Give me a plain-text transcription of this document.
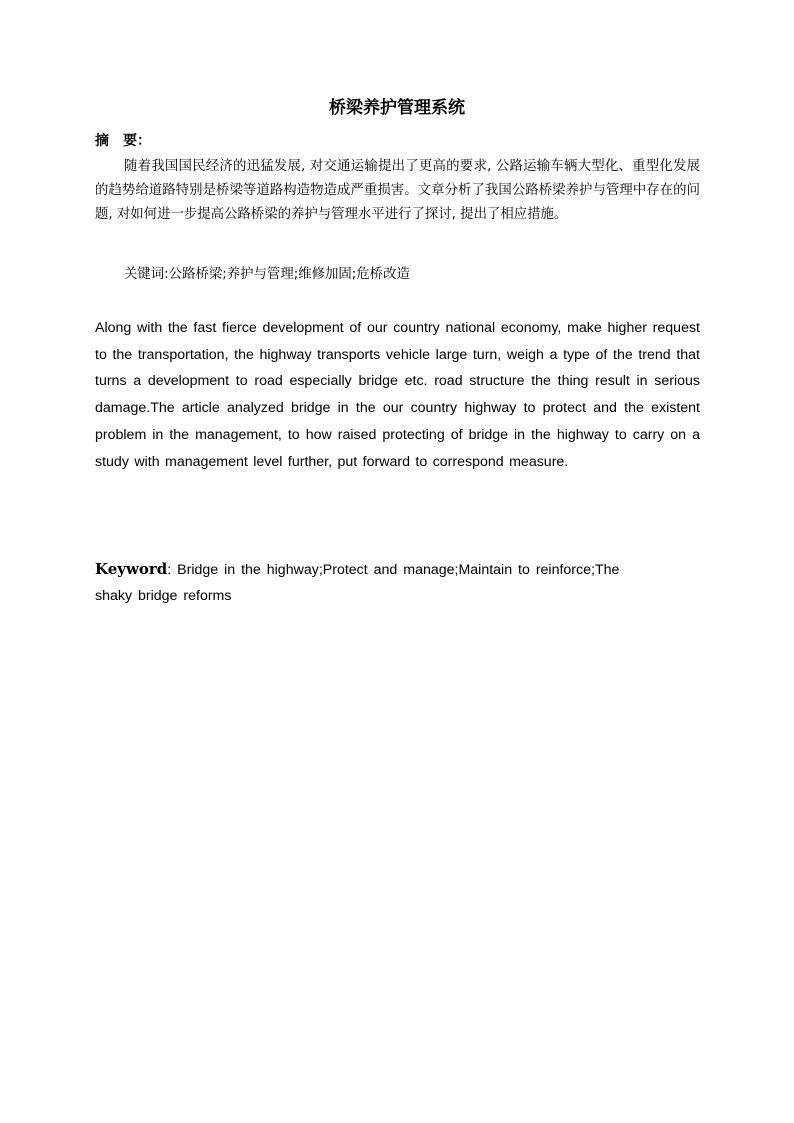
桥梁养护管理系统
摘　要：

随着我国国民经济的迅猛发展, 对交通运输提出了更高的要求, 公路运输车辆大型化、重型化发展的趋势给道路特别是桥梁等道路构造物造成严重损害。文章分析了我国公路桥梁养护与管理中存在的问题, 对如何进一步提高公路桥梁的养护与管理水平进行了探讨, 提出了相应措施。

关键词:公路桥梁;养护与管理;维修加固;危桥改造

Along with the fast fierce development of our country national economy, make higher request to the transportation, the highway transports vehicle large turn, weigh a type of the trend that turns a development to road especially bridge etc. road structure the thing result in serious damage.The article analyzed bridge in the our country highway to protect and the existent problem in the management, to how raised protecting of bridge in the highway to carry on a study with management level further, put forward to correspond measure.

Keyword: Bridge in the highway;Protect and manage;Maintain to reinforce;The shaky bridge reforms
